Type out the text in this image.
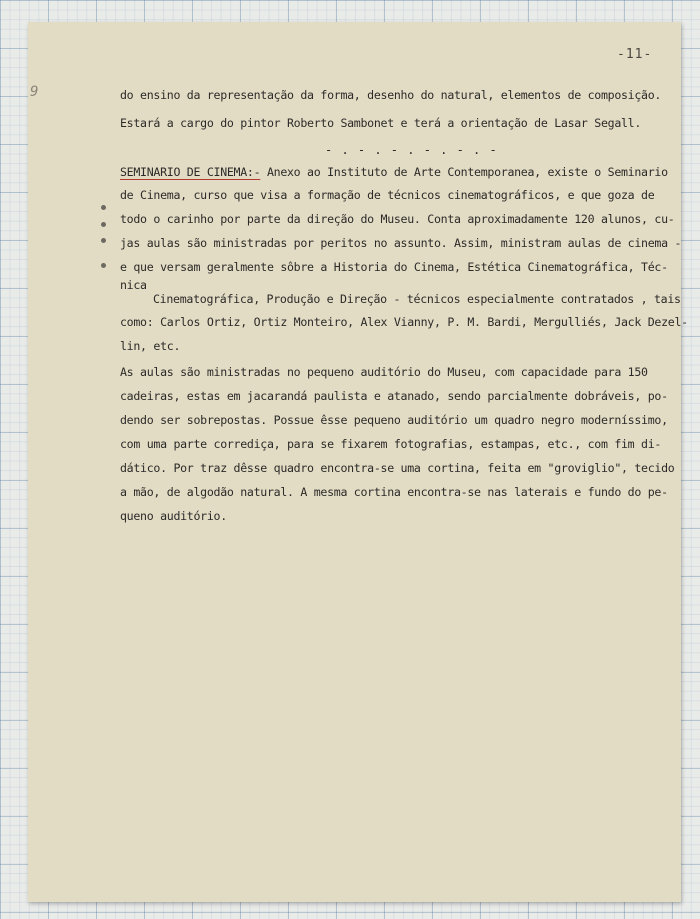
-11-
9	do ensino da representação da forma, desenho do natural, elementos de composição.
Estará a cargo do pintor Roberto Sambonet e terá a orientação de Lasar Segall.
- . - . - . - . - . -
SEMINARIO DE CINEMA:- Anexo ao Instituto de Arte Contemporanea, existe o Seminario
de Cinema, curso que visa a formação de técnicos cinematográficos, e que goza de
todo o carinho por parte da direção do Museu. Conta aproximadamente 120 alunos, cu-
jas aulas são ministradas por peritos no assunto. Assim, ministram aulas de cinema -
e que versam geralmente sôbre a Historia do Cinema, Estética Cinematográfica, Téc-
nica
Cinematográfica, Produção e Direção - técnicos especialmente contratados , tais
como: Carlos Ortiz, Ortiz Monteiro, Alex Vianny, P. M. Bardi, Mergulliés, Jack Dezel-
lin, etc.
As aulas são ministradas no pequeno auditório do Museu, com capacidade para 150
cadeiras, estas em jacarandá paulista e atanado, sendo parcialmente dobráveis, po-
dendo ser sobrepostas. Possue êsse pequeno auditório um quadro negro moderníssimo,
com uma parte corrediça, para se fixarem fotografias, estampas, etc., com fim di-
dático. Por traz dêsse quadro encontra-se uma cortina, feita em "groviglio", tecido
a mão, de algodão natural. A mesma cortina encontra-se nas laterais e fundo do pe-
queno auditório.
